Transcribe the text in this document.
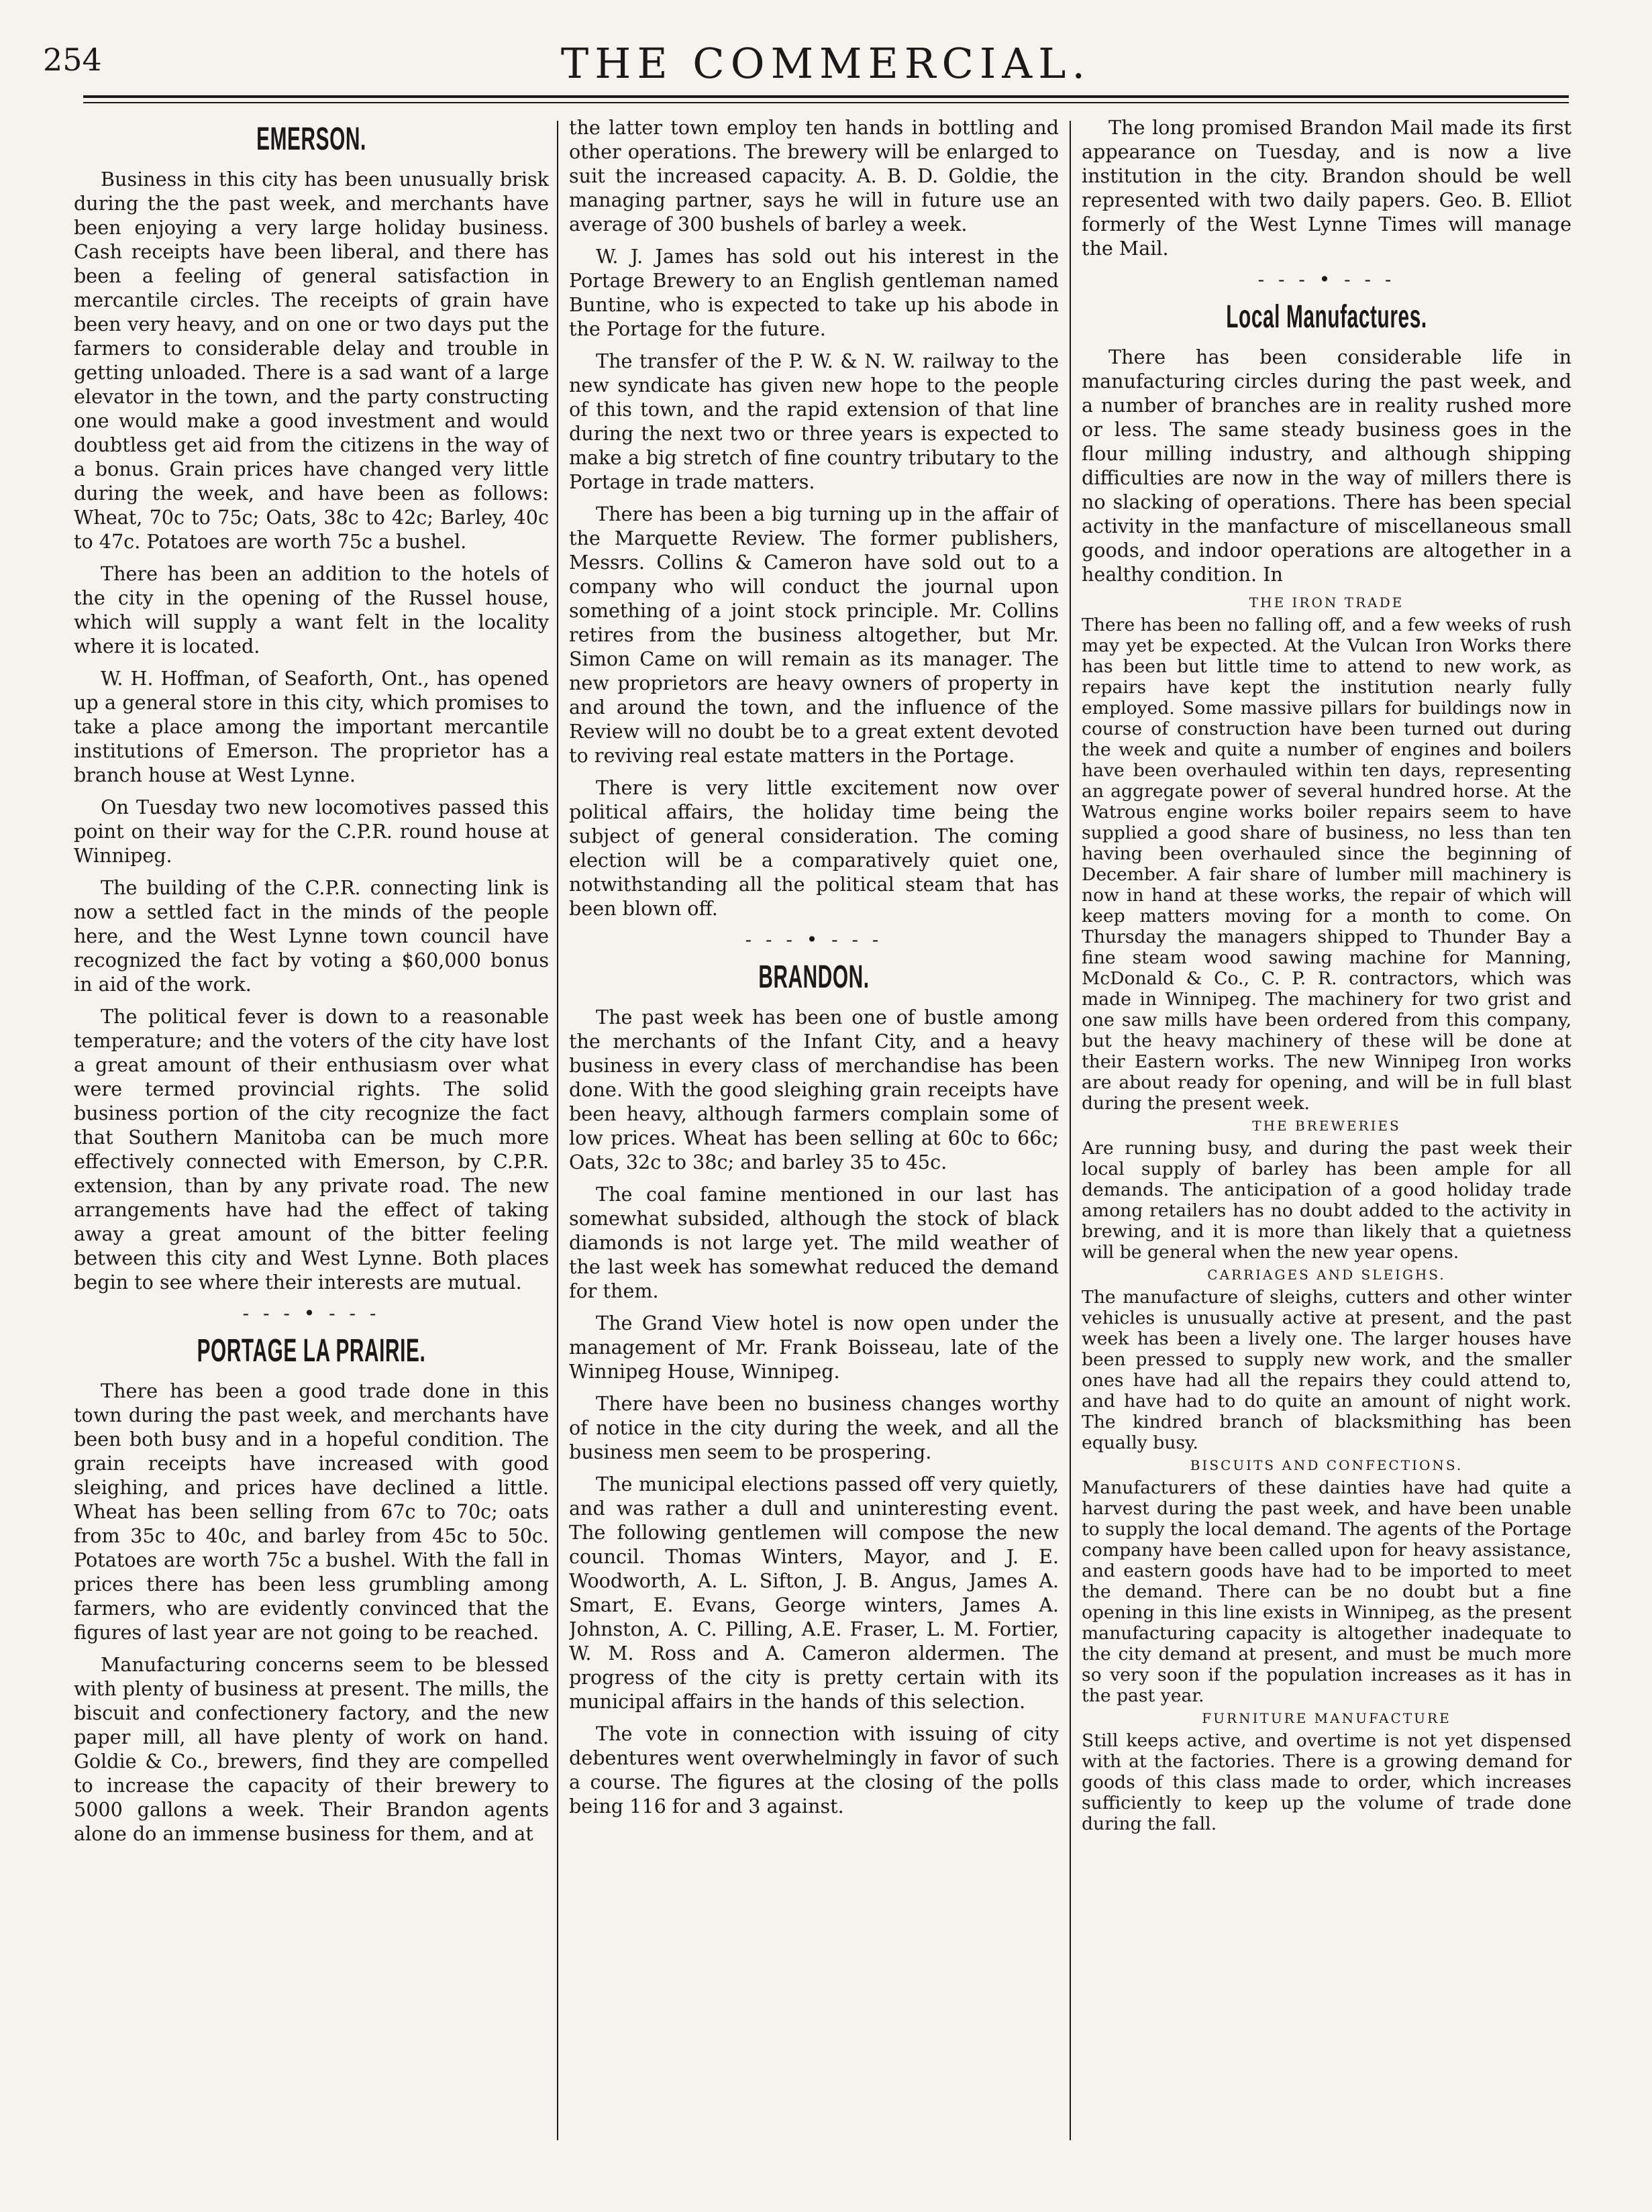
254	THE COMMERCIAL.
EMERSON.

Business in this city has been unusually brisk during the the past week, and merchants have been enjoying a very large holiday business. Cash receipts have been liberal, and there has been a feeling of general satisfaction in mercantile circles. The receipts of grain have been very heavy, and on one or two days put the farmers to considerable delay and trouble in getting unloaded. There is a sad want of a large elevator in the town, and the party constructing one would make a good investment and would doubtless get aid from the citizens in the way of a bonus. Grain prices have changed very little during the week, and have been as follows: Wheat, 70c to 75c; Oats, 38c to 42c; Barley, 40c to 47c. Potatoes are worth 75c a bushel.

There has been an addition to the hotels of the city in the opening of the Russel house, which will supply a want felt in the locality where it is located.

W. H. Hoffman, of Seaforth, Ont., has opened up a general store in this city, which promises to take a place among the important mercantile institutions of Emerson. The proprietor has a branch house at West Lynne.

On Tuesday two new locomotives passed this point on their way for the C.P.R. round house at Winnipeg.

The building of the C.P.R. connecting link is now a settled fact in the minds of the people here, and the West Lynne town council have recognized the fact by voting a $60,000 bonus in aid of the work.

The political fever is down to a reasonable temperature; and the voters of the city have lost a great amount of their enthusiasm over what were termed provincial rights. The solid business portion of the city recognize the fact that Southern Manitoba can be much more effectively connected with Emerson, by C.P.R. extension, than by any private road. The new arrangements have had the effect of taking away a great amount of the bitter feeling between this city and West Lynne. Both places begin to see where their interests are mutual.

- - - • - - -
PORTAGE LA PRAIRIE.

There has been a good trade done in this town during the past week, and merchants have been both busy and in a hopeful condition. The grain receipts have increased with good sleighing, and prices have declined a little. Wheat has been selling from 67c to 70c; oats from 35c to 40c, and barley from 45c to 50c. Potatoes are worth 75c a bushel. With the fall in prices there has been less grumbling among farmers, who are evidently convinced that the figures of last year are not going to be reached.

Manufacturing concerns seem to be blessed with plenty of business at present. The mills, the biscuit and confectionery factory, and the new paper mill, all have plenty of work on hand. Goldie & Co., brewers, find they are compelled to increase the capacity of their brewery to 5000 gallons a week. Their Brandon agents alone do an immense business for them, and at

the latter town employ ten hands in bottling and other operations. The brewery will be enlarged to suit the increased capacity. A. B. D. Goldie, the managing partner, says he will in future use an average of 300 bushels of barley a week.

W. J. James has sold out his interest in the Portage Brewery to an English gentleman named Buntine, who is expected to take up his abode in the Portage for the future.

The transfer of the P. W. & N. W. railway to the new syndicate has given new hope to the people of this town, and the rapid extension of that line during the next two or three years is expected to make a big stretch of fine country tributary to the Portage in trade matters.

There has been a big turning up in the affair of the Marquette Review. The former publishers, Messrs. Collins & Cameron have sold out to a company who will conduct the journal upon something of a joint stock principle. Mr. Collins retires from the business altogether, but Mr. Simon Came on will remain as its manager. The new proprietors are heavy owners of property in and around the town, and the influence of the Review will no doubt be to a great extent devoted to reviving real estate matters in the Portage.

There is very little excitement now over political affairs, the holiday time being the subject of general consideration. The coming election will be a comparatively quiet one, notwithstanding all the political steam that has been blown off.

- - - • - - -
BRANDON.

The past week has been one of bustle among the merchants of the Infant City, and a heavy business in every class of merchandise has been done. With the good sleighing grain receipts have been heavy, although farmers complain some of low prices. Wheat has been selling at 60c to 66c; Oats, 32c to 38c; and barley 35 to 45c.

The coal famine mentioned in our last has somewhat subsided, although the stock of black diamonds is not large yet. The mild weather of the last week has somewhat reduced the demand for them.

The Grand View hotel is now open under the management of Mr. Frank Boisseau, late of the Winnipeg House, Winnipeg.

There have been no business changes worthy of notice in the city during the week, and all the business men seem to be prospering.

The municipal elections passed off very quietly, and was rather a dull and uninteresting event. The following gentlemen will compose the new council. Thomas Winters, Mayor, and J. E. Woodworth, A. L. Sifton, J. B. Angus, James A. Smart, E. Evans, George winters, James A. Johnston, A. C. Pilling, A.E. Fraser, L. M. Fortier, W. M. Ross and A. Cameron aldermen. The progress of the city is pretty certain with its municipal affairs in the hands of this selection.

The vote in connection with issuing of city debentures went overwhelmingly in favor of such a course. The figures at the closing of the polls being 116 for and 3 against.

The long promised Brandon Mail made its first appearance on Tuesday, and is now a live institution in the city. Brandon should be well represented with two daily papers. Geo. B. Elliot formerly of the West Lynne Times will manage the Mail.

- - - • - - -
Local Manufactures.

There has been considerable life in manufacturing circles during the past week, and a number of branches are in reality rushed more or less. The same steady business goes in the flour milling industry, and although shipping difficulties are now in the way of millers there is no slacking of operations. There has been special activity in the manfacture of miscellaneous small goods, and indoor operations are altogether in a healthy condition. In

THE IRON TRADE

There has been no falling off, and a few weeks of rush may yet be expected. At the Vulcan Iron Works there has been but little time to attend to new work, as repairs have kept the institution nearly fully employed. Some massive pillars for buildings now in course of construction have been turned out during the week and quite a number of engines and boilers have been overhauled within ten days, representing an aggregate power of several hundred horse. At the Watrous engine works boiler repairs seem to have supplied a good share of business, no less than ten having been overhauled since the beginning of December. A fair share of lumber mill machinery is now in hand at these works, the repair of which will keep matters moving for a month to come. On Thursday the managers shipped to Thunder Bay a fine steam wood sawing machine for Manning, McDonald & Co., C. P. R. contractors, which was made in Winnipeg. The machinery for two grist and one saw mills have been ordered from this company, but the heavy machinery of these will be done at their Eastern works. The new Winnipeg Iron works are about ready for opening, and will be in full blast during the present week.

THE BREWERIES

Are running busy, and during the past week their local supply of barley has been ample for all demands. The anticipation of a good holiday trade among retailers has no doubt added to the activity in brewing, and it is more than likely that a quietness will be general when the new year opens.

CARRIAGES AND SLEIGHS.

The manufacture of sleighs, cutters and other winter vehicles is unusually active at present, and the past week has been a lively one. The larger houses have been pressed to supply new work, and the smaller ones have had all the repairs they could attend to, and have had to do quite an amount of night work. The kindred branch of blacksmithing has been equally busy.

BISCUITS AND CONFECTIONS.

Manufacturers of these dainties have had quite a harvest during the past week, and have been unable to supply the local demand. The agents of the Portage company have been called upon for heavy assistance, and eastern goods have had to be imported to meet the demand. There can be no doubt but a fine opening in this line exists in Winnipeg, as the present manufacturing capacity is altogether inadequate to the city demand at present, and must be much more so very soon if the population increases as it has in the past year.

FURNITURE MANUFACTURE

Still keeps active, and overtime is not yet dispensed with at the factories. There is a growing demand for goods of this class made to order, which increases sufficiently to keep up the volume of trade done during the fall.
